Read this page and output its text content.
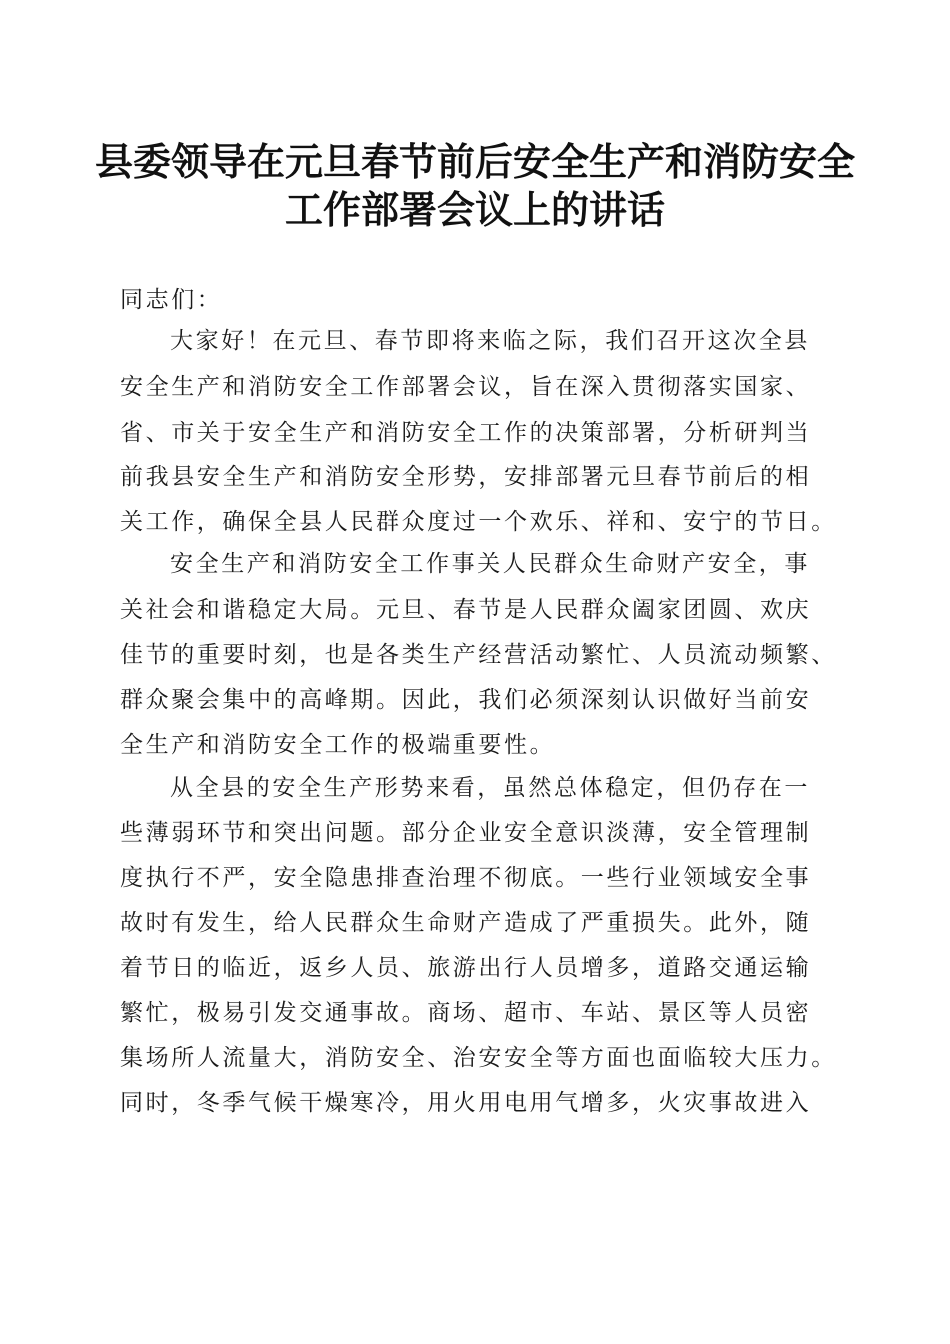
县委领导在元旦春节前后安全生产和消防安全
工作部署会议上的讲话

同志们：

大家好！在元旦、春节即将来临之际，我们召开这次全县

安全生产和消防安全工作部署会议，旨在深入贯彻落实国家、

省、市关于安全生产和消防安全工作的决策部署，分析研判当

前我县安全生产和消防安全形势，安排部署元旦春节前后的相

关工作，确保全县人民群众度过一个欢乐、祥和、安宁的节日。

安全生产和消防安全工作事关人民群众生命财产安全，事

关社会和谐稳定大局。元旦、春节是人民群众阖家团圆、欢庆

佳节的重要时刻，也是各类生产经营活动繁忙、人员流动频繁、

群众聚会集中的高峰期。因此，我们必须深刻认识做好当前安

全生产和消防安全工作的极端重要性。

从全县的安全生产形势来看，虽然总体稳定，但仍存在一

些薄弱环节和突出问题。部分企业安全意识淡薄，安全管理制

度执行不严，安全隐患排查治理不彻底。一些行业领域安全事

故时有发生，给人民群众生命财产造成了严重损失。此外，随

着节日的临近，返乡人员、旅游出行人员增多，道路交通运输

繁忙，极易引发交通事故。商场、超市、车站、景区等人员密

集场所人流量大，消防安全、治安安全等方面也面临较大压力。

同时，冬季气候干燥寒冷，用火用电用气增多，火灾事故进入
